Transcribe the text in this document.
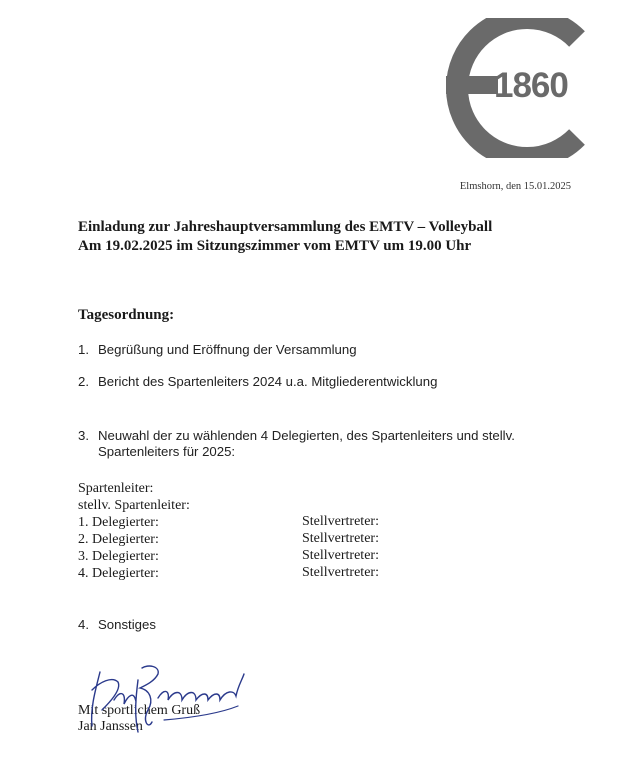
1860
Elmshorn, den 15.01.2025
Einladung zur Jahreshauptversammlung des EMTV – Volleyball
Am 19.02.2025 im Sitzungszimmer vom EMTV um 19.00 Uhr
Tagesordnung:
1. Begrüßung und Eröffnung der Versammlung
2. Bericht des Spartenleiters 2024 u.a. Mitgliederentwicklung
3. Neuwahl der zu wählenden 4 Delegierten, des Spartenleiters und stellv.
Spartenleiters für 2025:
Spartenleiter:
stellv. Spartenleiter:
1. Delegierter:
2. Delegierter:
3. Delegierter:
4. Delegierter:
Stellvertreter:
Stellvertreter:
Stellvertreter:
Stellvertreter:
4. Sonstiges
Mit sportlichem Gruß
Jan Janssen
